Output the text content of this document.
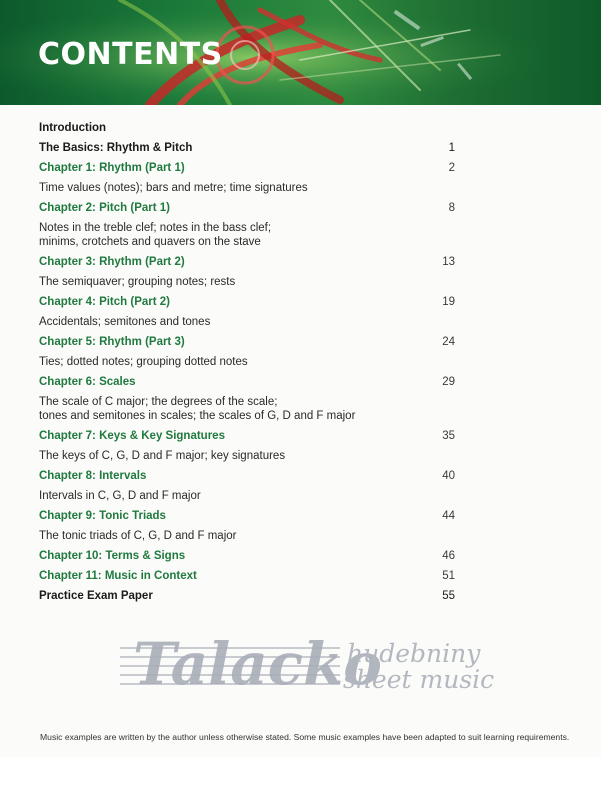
CONTENTS
Introduction
The Basics: Rhythm & Pitch	1
Chapter 1: Rhythm (Part 1)	2
Time values (notes); bars and metre; time signatures
Chapter 2: Pitch (Part 1)	8
Notes in the treble clef; notes in the bass clef;
minims, crotchets and quavers on the stave
Chapter 3: Rhythm (Part 2)	13
The semiquaver; grouping notes; rests
Chapter 4: Pitch (Part 2)	19
Accidentals; semitones and tones
Chapter 5: Rhythm (Part 3)	24
Ties; dotted notes; grouping dotted notes
Chapter 6: Scales	29
The scale of C major; the degrees of the scale;
tones and semitones in scales; the scales of G, D and F major
Chapter 7: Keys & Key Signatures	35
The keys of C, G, D and F major; key signatures
Chapter 8: Intervals	40
Intervals in C, G, D and F major
Chapter 9: Tonic Triads	44
The tonic triads of C, G, D and F major
Chapter 10: Terms & Signs	46
Chapter 11: Music in Context	51
Practice Exam Paper	55
Talacko
hudebniny
sheet music
Music examples are written by the author unless otherwise stated. Some music examples have been adapted to suit learning requirements.
